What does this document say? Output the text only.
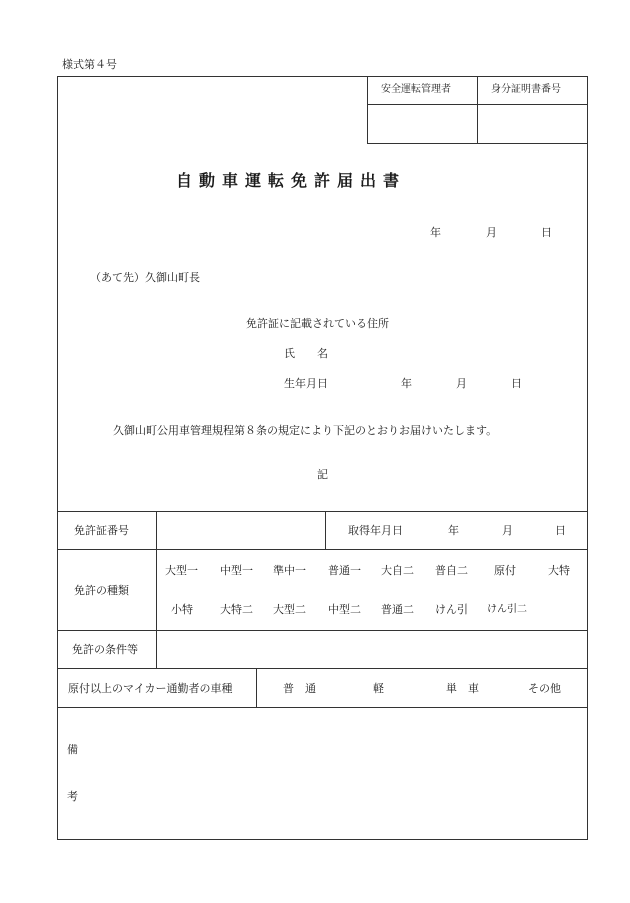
様式第４号
安全運転管理者	身分証明書番号
自動車運転免許届出書
年	月	日
（あて先）久御山町長
免許証に記載されている住所
氏　　名
生年月日	年	月	日
久御山町公用車管理規程第８条の規定により下記のとおりお届けいたします。
記
免許証番号	取得年月日	年	月	日
免許の種類
大型一 中型一 準中一 普通一 大自二 普自二 原付	大特
小特 大特二 大型二 中型二 普通二 けん引 けん引二
免許の条件等
原付以上のマイカー通勤者の車種	普　通	軽	単　車	その他
備
考
